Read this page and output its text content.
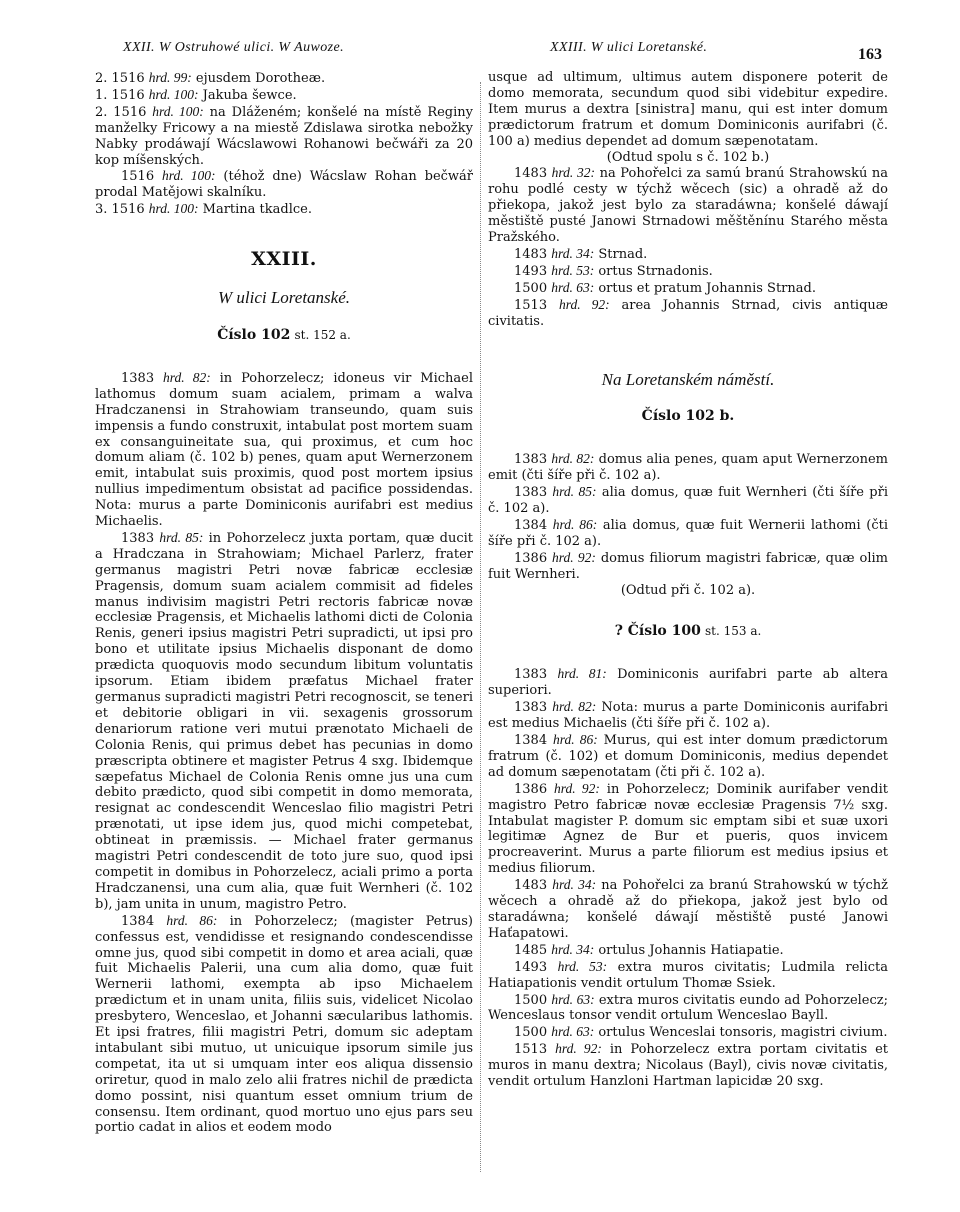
XXII. W Ostruhowé ulici. W Auwoze.	XXIII. W ulici Loretanské.	163

2. 1516 hrd. 99: ejusdem Dorotheæ.

1. 1516 hrd. 100: Jakuba šewce.

2. 1516 hrd. 100: na Dláženém; konšelé na místě Reginy manželky Fricowy a na miestě Zdislawa sirotka nebožky Nabky prodáwají Wácslawowi Rohanowi bečwáři za 20 kop míšenských.

1516 hrd. 100: (téhož dne) Wácslaw Rohan bečwář prodal Matějowi skalníku.

3. 1516 hrd. 100: Martina tkadlce.

XXIII.
W ulici Loretanské.
Číslo 102 st. 152 a.

1383 hrd. 82: in Pohorzelecz; idoneus vir Michael lathomus domum suam acialem, primam a walva Hradczanensi in Strahowiam transeundo, quam suis impensis a fundo construxit, intabulat post mortem suam ex consanguineitate sua, qui proximus, et cum hoc domum aliam (č. 102 b) penes, quam aput Wernerzonem emit, intabulat suis proximis, quod post mortem ipsius nullius impedimentum obsistat ad pacifice possidendas. Nota: murus a parte Dominiconis aurifabri est medius Michaelis.

1383 hrd. 85: in Pohorzelecz juxta portam, quæ ducit a Hradczana in Strahowiam; Michael Parlerz, frater germanus magistri Petri novæ fabricæ ecclesiæ Pragensis, domum suam acialem commisit ad fideles manus indivisim magistri Petri rectoris fabricæ novæ ecclesiæ Pragensis, et Michaelis lathomi dicti de Colonia Renis, generi ipsius magistri Petri supradicti, ut ipsi pro bono et utilitate ipsius Michaelis disponant de domo prædicta quoquovis modo secundum libitum voluntatis ipsorum. Etiam ibidem præfatus Michael frater germanus supradicti magistri Petri recognoscit, se teneri et debitorie obligari in vii. sexagenis grossorum denariorum ratione veri mutui prænotato Michaeli de Colonia Renis, qui primus debet has pecunias in domo præscripta obtinere et magister Petrus 4 sxg. Ibidemque sæpefatus Michael de Colonia Renis omne jus una cum debito prædicto, quod sibi competit in domo memorata, resignat ac condescendit Wenceslao filio magistri Petri prænotati, ut ipse idem jus, quod michi competebat, obtineat in præmissis. — Michael frater germanus magistri Petri condescendit de toto jure suo, quod ipsi competit in domibus in Pohorzelecz, aciali primo a porta Hradczanensi, una cum alia, quæ fuit Wernheri (č. 102 b), jam unita in unum, magistro Petro.

1384 hrd. 86: in Pohorzelecz; (magister Petrus) confessus est, vendidisse et resignando condescendisse omne jus, quod sibi competit in domo et area aciali, quæ fuit Michaelis Palerii, una cum alia domo, quæ fuit Wernerii lathomi, exempta ab ipso Michaelem prædictum et in unam unita, filiis suis, videlicet Nicolao presbytero, Wenceslao, et Johanni sæcularibus lathomis. Et ipsi fratres, filii magistri Petri, domum sic adeptam intabulant sibi mutuo, ut unicuique ipsorum simile jus competat, ita ut si umquam inter eos aliqua dissensio oriretur, quod in malo zelo alii fratres nichil de prædicta domo possint, nisi quantum esset omnium trium de consensu. Item ordinant, quod mortuo uno ejus pars seu portio cadat in alios et eodem modo

usque ad ultimum, ultimus autem disponere poterit de domo memorata, secundum quod sibi videbitur expedire. Item murus a dextra [sinistra] manu, qui est inter domum prædictorum fratrum et domum Dominiconis aurifabri (č. 100 a) medius dependet ad domum sæpenotatam.

(Odtud spolu s č. 102 b.)

1483 hrd. 32: na Pohořelci za samú branú Strahowskú na rohu podlé cesty w týchž wěcech (sic) a ohradě až do přiekopa, jakož jest bylo za staradáwna; konšelé dáwají městiště pusté Janowi Strnadowi měštěnínu Starého města Pražského.

1483 hrd. 34: Strnad.

1493 hrd. 53: ortus Strnadonis.

1500 hrd. 63: ortus et pratum Johannis Strnad.

1513 hrd. 92: area Johannis Strnad, civis antiquæ civitatis.

Na Loretanském náměstí.
Číslo 102 b.

1383 hrd. 82: domus alia penes, quam aput Wernerzonem emit (čti šíře při č. 102 a).

1383 hrd. 85: alia domus, quæ fuit Wernheri (čti šíře při č. 102 a).

1384 hrd. 86: alia domus, quæ fuit Wernerii lathomi (čti šíře při č. 102 a).

1386 hrd. 92: domus filiorum magistri fabricæ, quæ olim fuit Wernheri.

(Odtud při č. 102 a).

? Číslo 100 st. 153 a.

1383 hrd. 81: Dominiconis aurifabri parte ab altera superiori.

1383 hrd. 82: Nota: murus a parte Dominiconis aurifabri est medius Michaelis (čti šíře při č. 102 a).

1384 hrd. 86: Murus, qui est inter domum prædictorum fratrum (č. 102) et domum Dominiconis, medius dependet ad domum sæpenotatam (čti při č. 102 a).

1386 hrd. 92: in Pohorzelecz; Dominik aurifaber vendit magistro Petro fabricæ novæ ecclesiæ Pragensis 7½ sxg. Intabulat magister P. domum sic emptam sibi et suæ uxori legitimæ Agnez de Bur et pueris, quos invicem procreaverint. Murus a parte filiorum est medius ipsius et medius filiorum.

1483 hrd. 34: na Pohořelci za branú Strahowskú w týchž wěcech a ohradě až do přiekopa, jakož jest bylo od staradáwna; konšelé dáwají městiště pusté Janowi Haťapatowi.

1485 hrd. 34: ortulus Johannis Hatiapatie.

1493 hrd. 53: extra muros civitatis; Ludmila relicta Hatiapationis vendit ortulum Thomæ Ssiek.

1500 hrd. 63: extra muros civitatis eundo ad Pohorzelecz; Wenceslaus tonsor vendit ortulum Wenceslao Bayll.

1500 hrd. 63: ortulus Wenceslai tonsoris, magistri civium.

1513 hrd. 92: in Pohorzelecz extra portam civitatis et muros in manu dextra; Nicolaus (Bayl), civis novæ civitatis, vendit ortulum Hanzloni Hartman lapicidæ 20 sxg.
